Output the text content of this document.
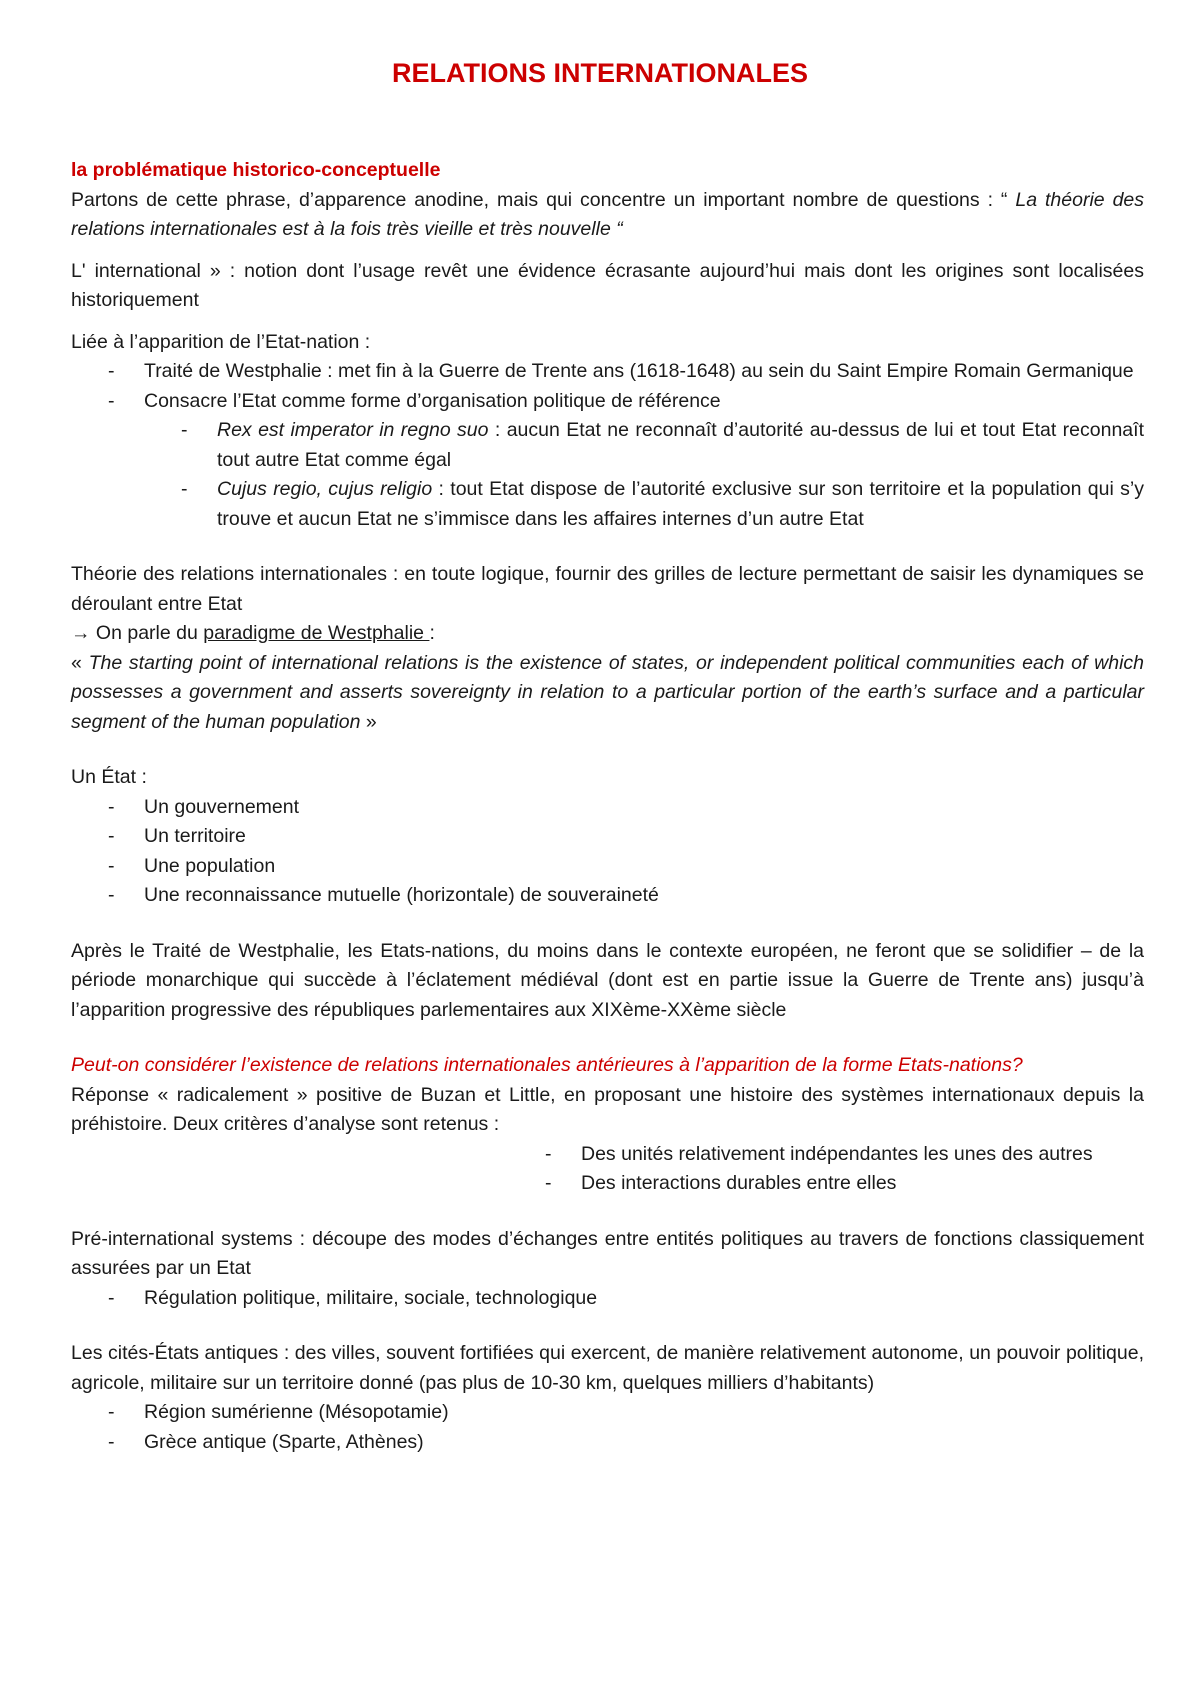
RELATIONS INTERNATIONALES

la problématique historico-conceptuelle

Partons de cette phrase, d’apparence anodine, mais qui concentre un important nombre de questions : “ La théorie des relations internationales est à la fois très vieille et très nouvelle “

L' international » : notion dont l’usage revêt une évidence écrasante aujourd’hui mais dont les origines sont localisées historiquement

Liée à l’apparition de l’Etat-nation :

- Traité de Westphalie : met fin à la Guerre de Trente ans (1618-1648) au sein du Saint Empire Romain Germanique
- Consacre l’Etat comme forme d’organisation politique de référence
- Rex est imperator in regno suo : aucun Etat ne reconnaît d’autorité au-dessus de lui et tout Etat reconnaît tout autre Etat comme égal
- Cujus regio, cujus religio : tout Etat dispose de l’autorité exclusive sur son territoire et la population qui s’y trouve et aucun Etat ne s’immisce dans les affaires internes d’un autre Etat

Théorie des relations internationales : en toute logique, fournir des grilles de lecture permettant de saisir les dynamiques se déroulant entre Etat

→ On parle du paradigme de Westphalie :

« The starting point of international relations is the existence of states, or independent political communities each of which possesses a government and asserts sovereignty in relation to a particular portion of the earth’s surface and a particular segment of the human population »

Un État :

- Un gouvernement
- Un territoire
- Une population
- Une reconnaissance mutuelle (horizontale) de souveraineté

Après le Traité de Westphalie, les Etats-nations, du moins dans le contexte européen, ne feront que se solidifier – de la période monarchique qui succède à l’éclatement médiéval (dont est en partie issue la Guerre de Trente ans) jusqu’à l’apparition progressive des républiques parlementaires aux XIXème-XXème siècle

Peut-on considérer l’existence de relations internationales antérieures à l’apparition de la forme Etats-nations?

Réponse « radicalement » positive de Buzan et Little, en proposant une histoire des systèmes internationaux depuis la préhistoire. Deux critères d’analyse sont retenus :

- Des unités relativement indépendantes les unes des autres
- Des interactions durables entre elles

Pré-international systems : découpe des modes d’échanges entre entités politiques au travers de fonctions classiquement assurées par un Etat

- Régulation politique, militaire, sociale, technologique

Les cités-États antiques : des villes, souvent fortifiées qui exercent, de manière relativement autonome, un pouvoir politique, agricole, militaire sur un territoire donné (pas plus de 10-30 km, quelques milliers d’habitants)

- Région sumérienne (Mésopotamie)
- Grèce antique (Sparte, Athènes)
